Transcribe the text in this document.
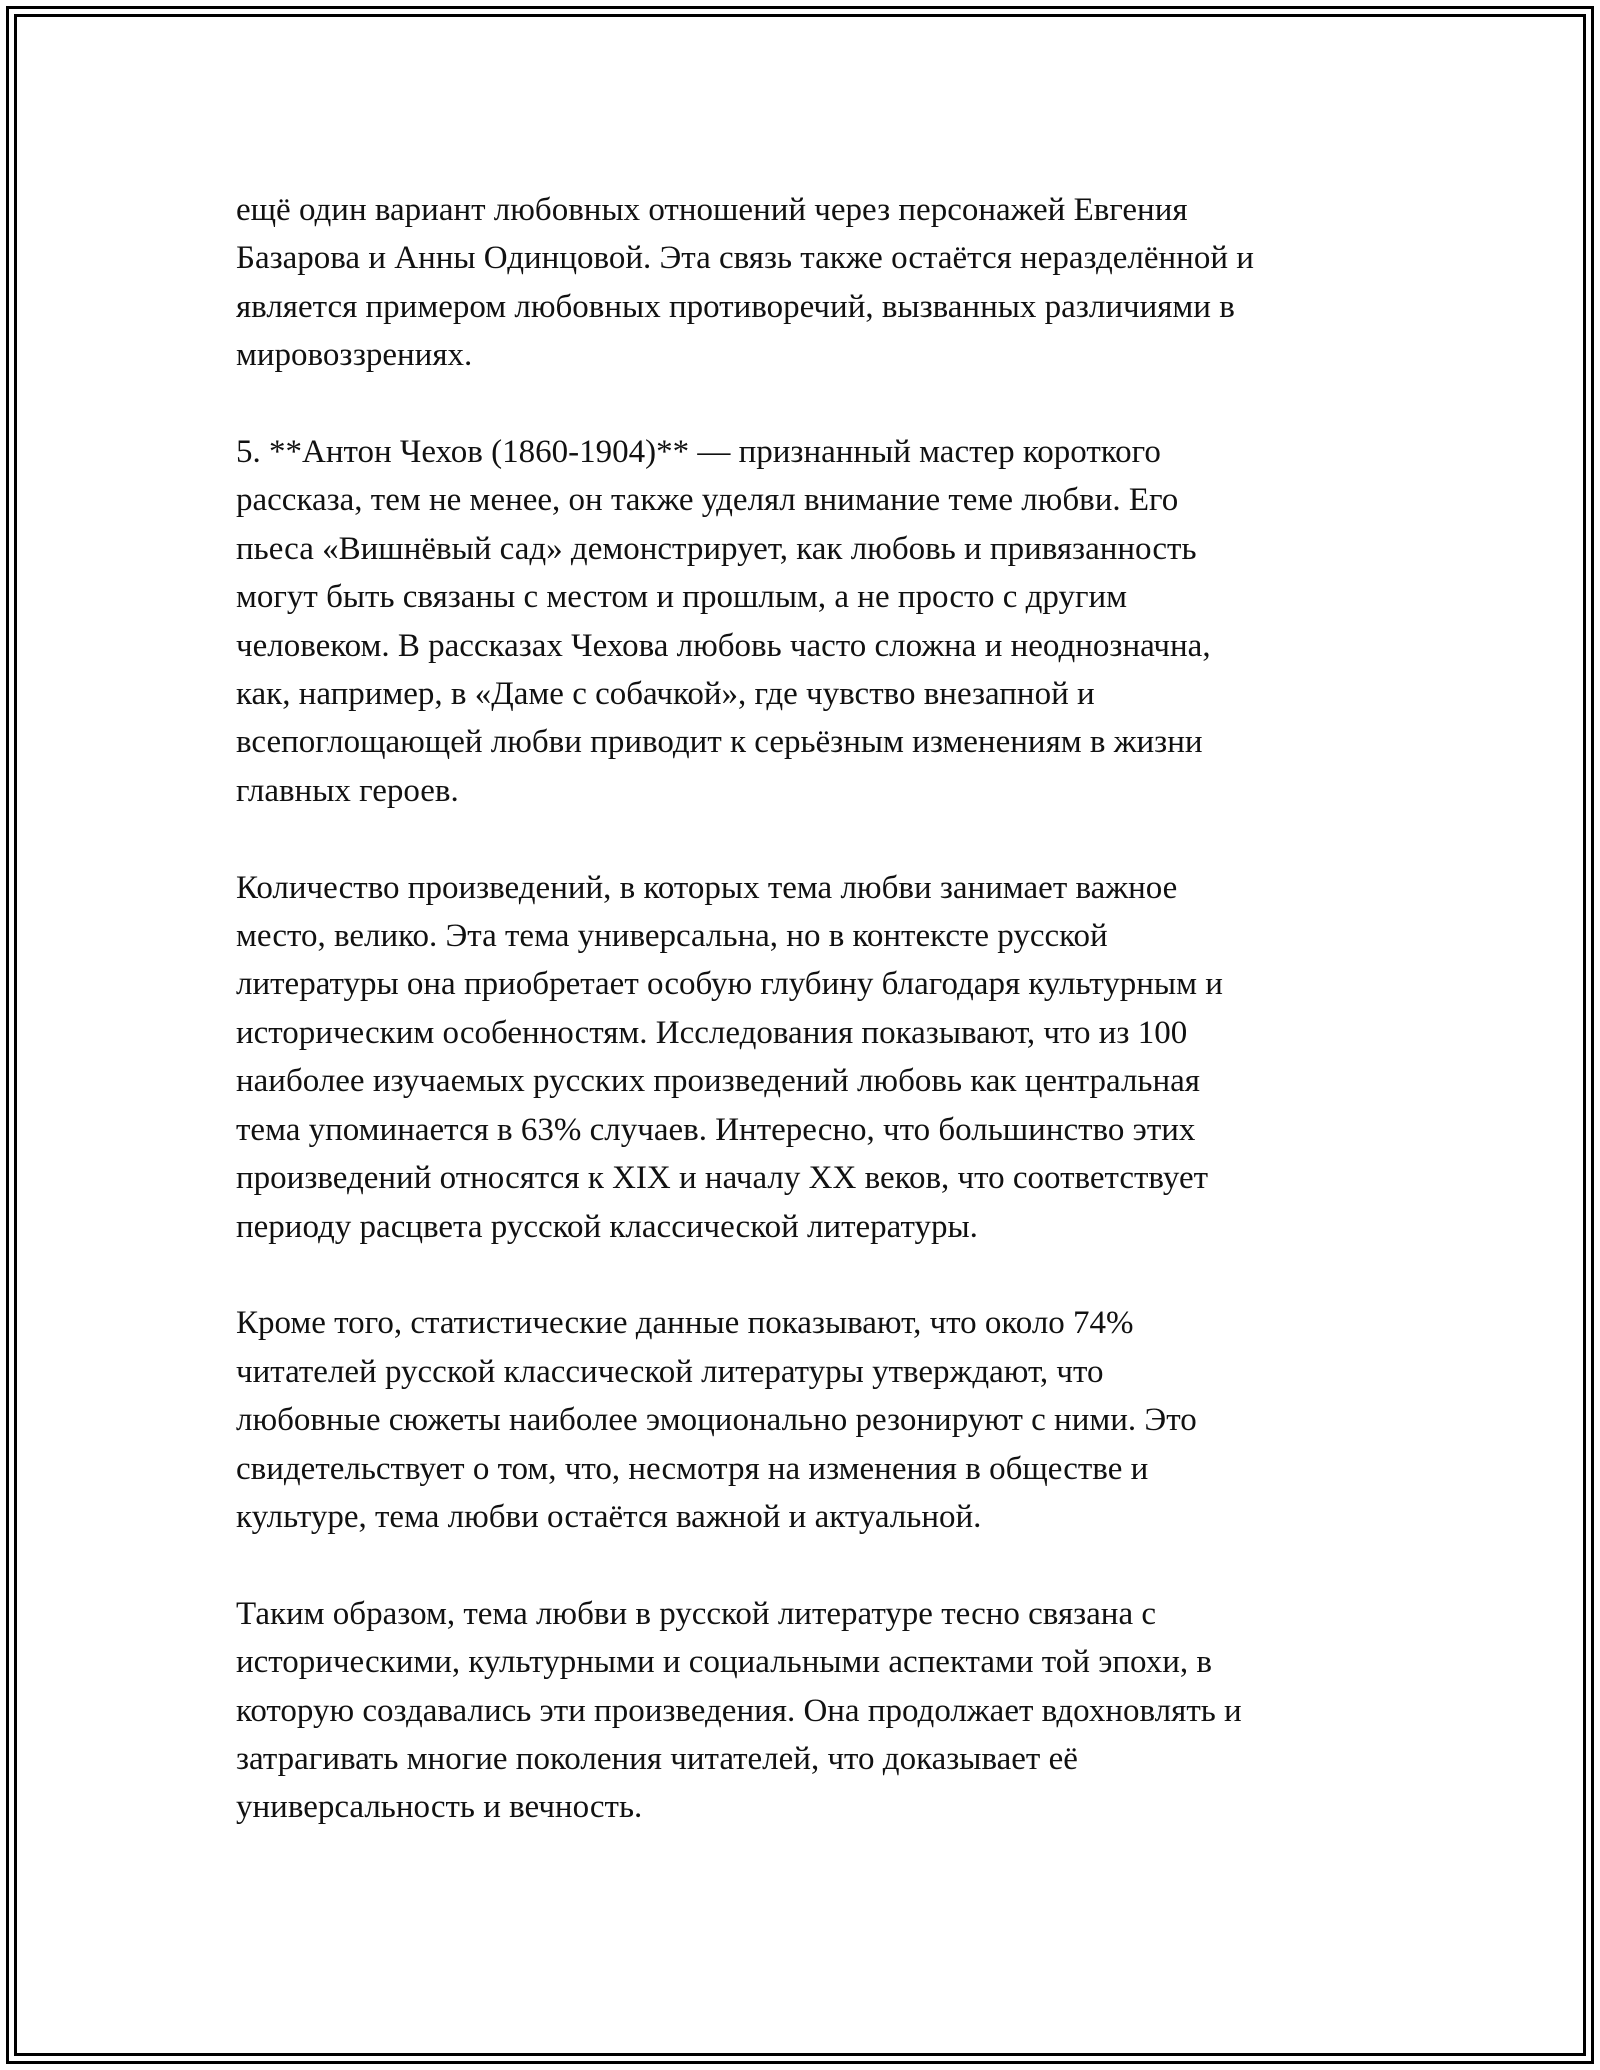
ещё один вариант любовных отношений через персонажей Евгения
Базарова и Анны Одинцовой. Эта связь также остаётся неразделённой и
является примером любовных противоречий, вызванных различиями в
мировоззрениях.

5. **Антон Чехов (1860-1904)** — признанный мастер короткого
рассказа, тем не менее, он также уделял внимание теме любви. Его
пьеса «Вишнёвый сад» демонстрирует, как любовь и привязанность
могут быть связаны с местом и прошлым, а не просто с другим
человеком. В рассказах Чехова любовь часто сложна и неоднозначна,
как, например, в «Даме с собачкой», где чувство внезапной и
всепоглощающей любви приводит к серьёзным изменениям в жизни
главных героев.

Количество произведений, в которых тема любви занимает важное
место, велико. Эта тема универсальна, но в контексте русской
литературы она приобретает особую глубину благодаря культурным и
историческим особенностям. Исследования показывают, что из 100
наиболее изучаемых русских произведений любовь как центральная
тема упоминается в 63% случаев. Интересно, что большинство этих
произведений относятся к XIX и началу XX веков, что соответствует
периоду расцвета русской классической литературы.

Кроме того, статистические данные показывают, что около 74%
читателей русской классической литературы утверждают, что
любовные сюжеты наиболее эмоционально резонируют с ними. Это
свидетельствует о том, что, несмотря на изменения в обществе и
культуре, тема любви остаётся важной и актуальной.

Таким образом, тема любви в русской литературе тесно связана с
историческими, культурными и социальными аспектами той эпохи, в
которую создавались эти произведения. Она продолжает вдохновлять и
затрагивать многие поколения читателей, что доказывает её
универсальность и вечность.
